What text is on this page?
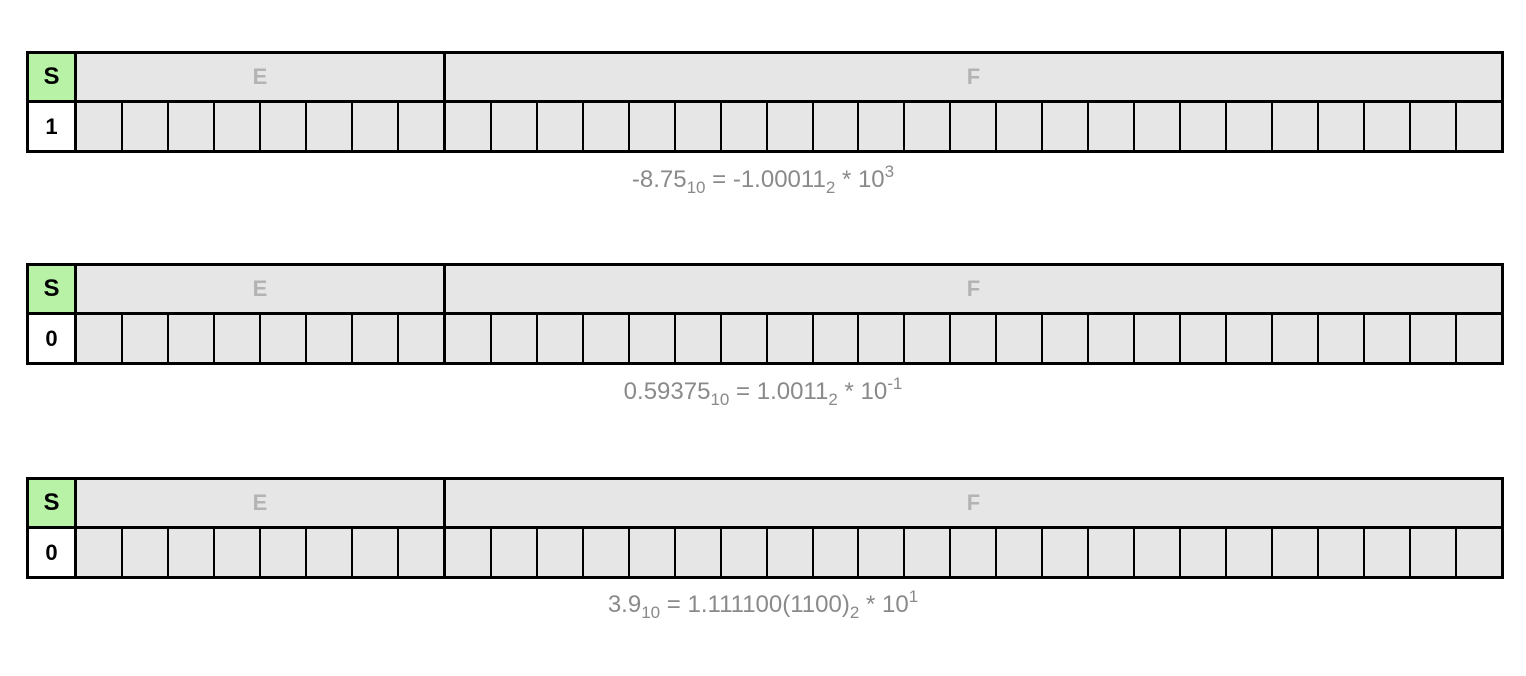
S	E	F
1
$-8.75_{10} = -1.00011_2 * 10^3$
S	E	F
0
$0.59375_{10} = 1.0011_2 * 10^{-1}$
S	E	F
0
$3.9_{10} = 1.111100(1100)_2 * 10^1$
